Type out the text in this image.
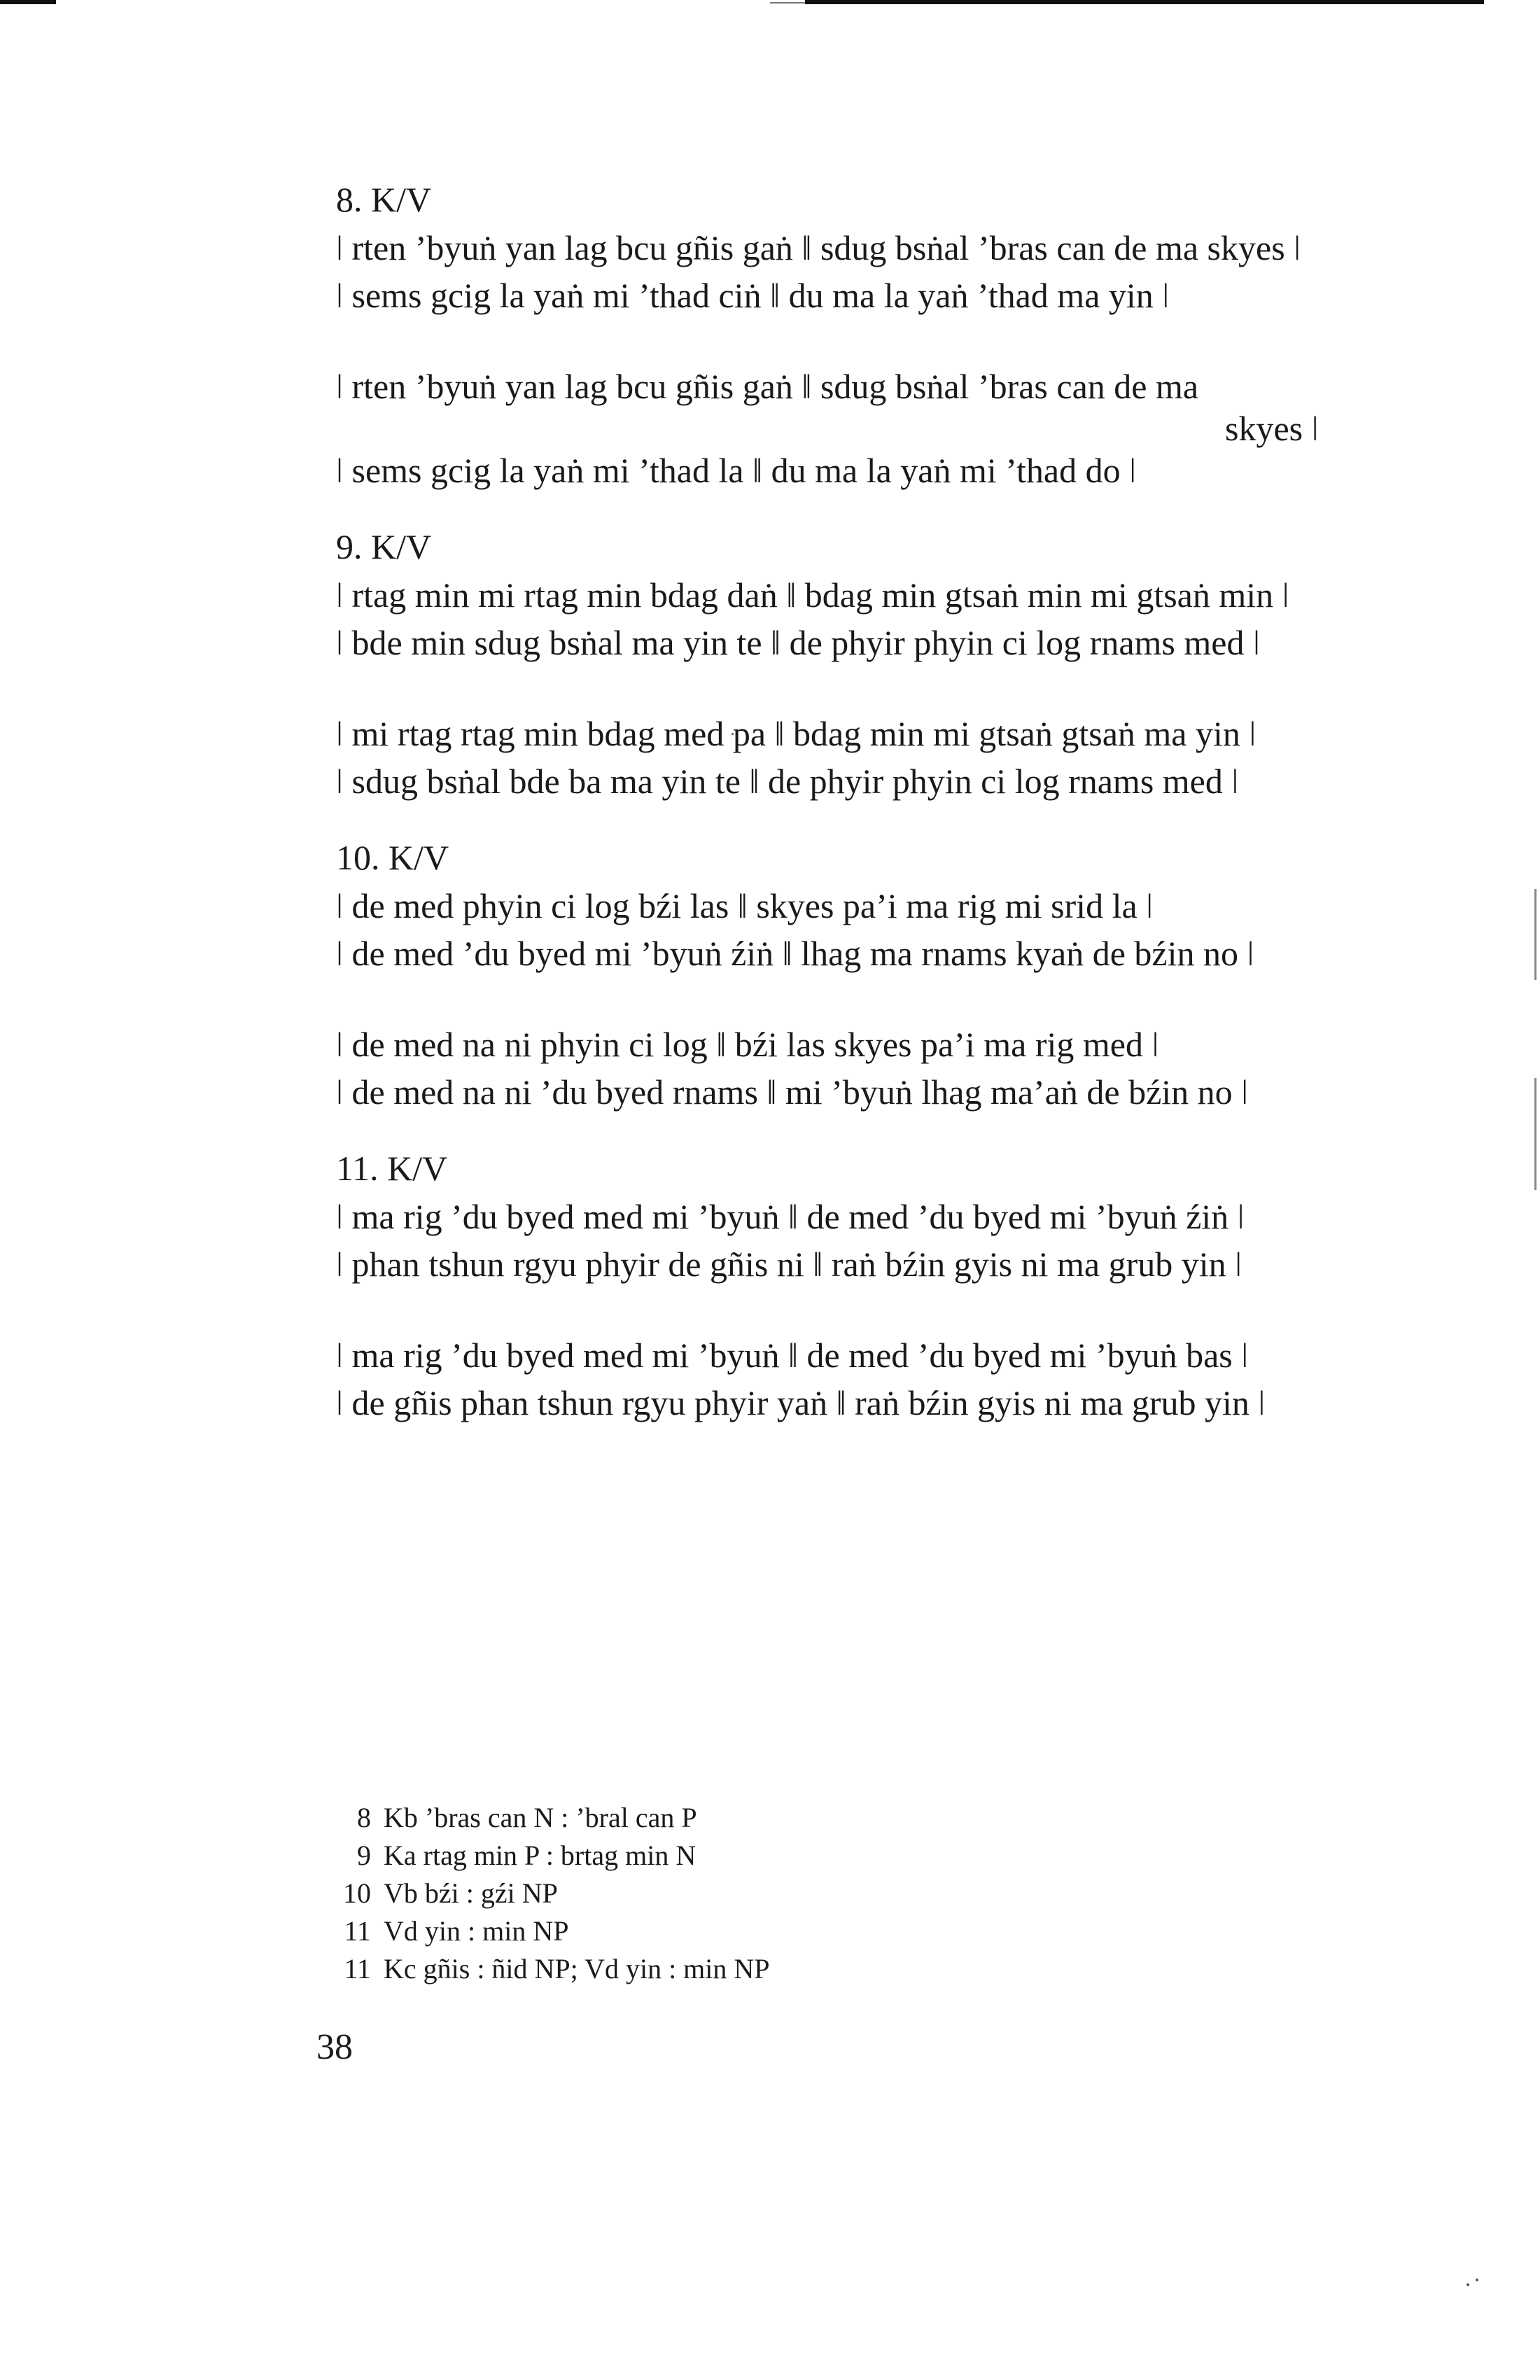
8. K/V
ǀ rten ’byuṅ yan lag bcu gñis gaṅ ǁ sdug bsṅal ’bras can de ma skyes ǀ
ǀ sems gcig la yaṅ mi ’thad ciṅ ǁ du ma la yaṅ ’thad ma yin ǀ
ǀ rten ’byuṅ yan lag bcu gñis gaṅ ǁ sdug bsṅal ’bras can de ma
skyes ǀ
ǀ sems gcig la yaṅ mi ’thad la ǁ du ma la yaṅ mi ’thad do ǀ
9. K/V
ǀ rtag min mi rtag min bdag daṅ ǁ bdag min gtsaṅ min mi gtsaṅ min ǀ
ǀ bde min sdug bsṅal ma yin te ǁ de phyir phyin ci log rnams med ǀ
ǀ mi rtag rtag min bdag med pa ǁ bdag min mi gtsaṅ gtsaṅ ma yin ǀ
ǀ sdug bsṅal bde ba ma yin te ǁ de phyir phyin ci log rnams med ǀ
10. K/V
ǀ de med phyin ci log bźi las ǁ skyes pa’i ma rig mi srid la ǀ
ǀ de med ’du byed mi ’byuṅ źiṅ ǁ lhag ma rnams kyaṅ de bźin no ǀ
ǀ de med na ni phyin ci log ǁ bźi las skyes pa’i ma rig med ǀ
ǀ de med na ni ’du byed rnams ǁ mi ’byuṅ lhag ma’aṅ de bźin no ǀ
11. K/V
ǀ ma rig ’du byed med mi ’byuṅ ǁ de med ’du byed mi ’byuṅ źiṅ ǀ
ǀ phan tshun rgyu phyir de gñis ni ǁ raṅ bźin gyis ni ma grub yin ǀ
ǀ ma rig ’du byed med mi ’byuṅ ǁ de med ’du byed mi ’byuṅ bas ǀ
ǀ de gñis phan tshun rgyu phyir yaṅ ǁ raṅ bźin gyis ni ma grub yin ǀ
8 Kb ’bras can N : ’bral can P
9 Ka rtag min P : brtag min N
10 Vb bźi : gźi NP
11 Vd yin : min NP
11 Kc gñis : ñid NP; Vd yin : min NP
38
